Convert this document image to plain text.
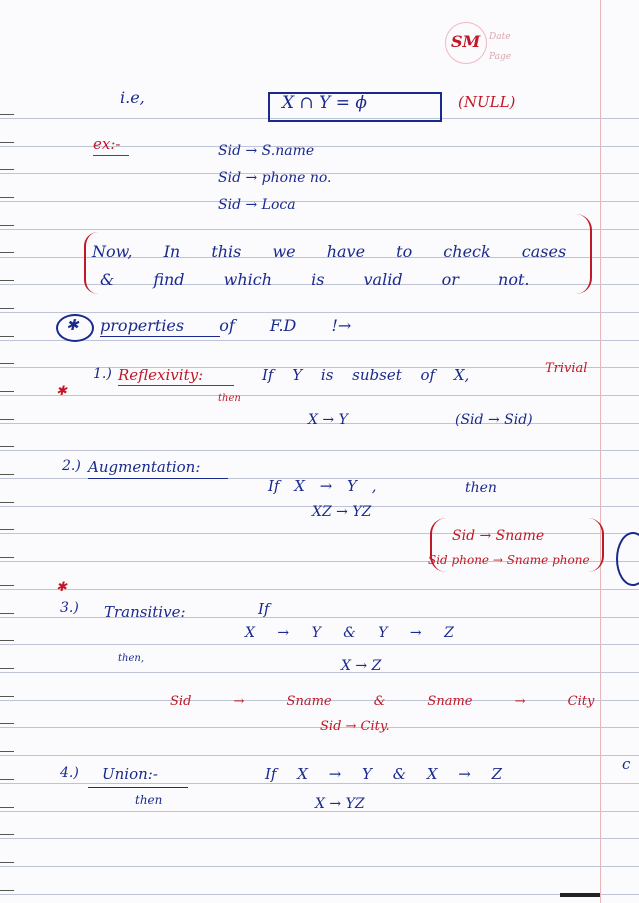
SM Date
Page
i.e,	X ∩ Y = ϕ	(NULL)
ex:-	Sid → S.name
Sid → phone no.
Sid → Loca
Now, In this we have to check cases
& find which is valid or not.
✱ properties of F.D !→
✱
1.) Reflexivity:	If Y is subset of X,	Trivial
then
X → Y	(Sid → Sid)
2.) Augmentation:
If X → Y ,	then
XZ → YZ
Sid → Sname
Sid phone → Sname phone
✱
3.) Transitive:	If
X → Y & Y → Z
then,	X → Z
Sid → Sname & Sname → City
Sid → City.
4.) Union:-	If X → Y & X → Z
then	X → YZ
c
